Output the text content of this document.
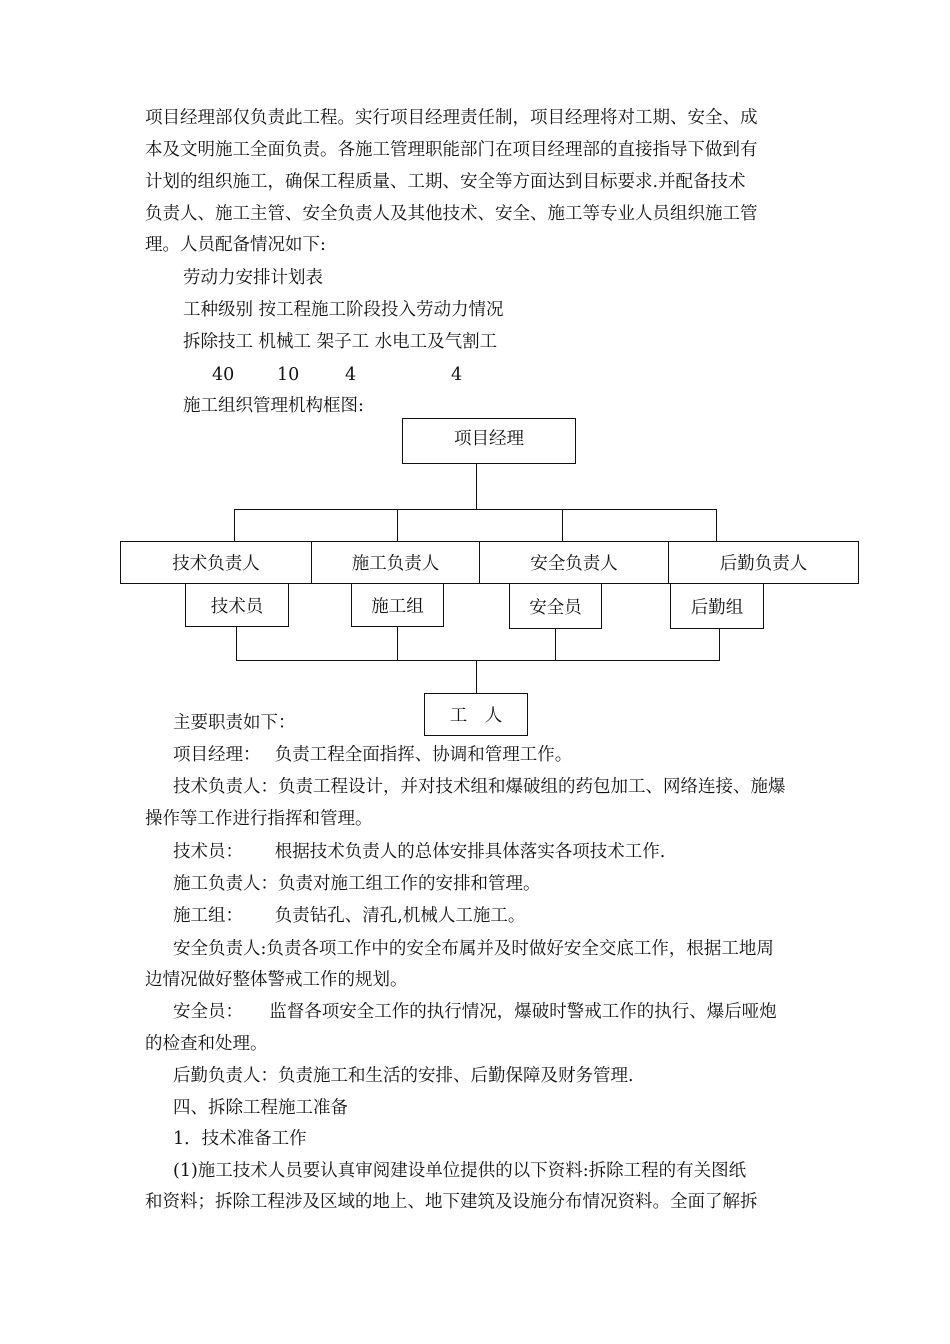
项目经理部仅负责此工程。实行项目经理责任制，项目经理将对工期、安全、成
本及文明施工全面负责。各施工管理职能部门在项目经理部的直接指导下做到有
计划的组织施工，确保工程质量、工期、安全等方面达到目标要求.并配备技术
负责人、施工主管、安全负责人及其他技术、安全、施工等专业人员组织施工管
理。人员配备情况如下:
劳动力安排计划表
工种级别 按工程施工阶段投入劳动力情况
拆除技工 机械工 架子工 水电工及气割工
40 10	4	4
施工组织管理机构框图:
项目经理
技术负责人	施工负责人	安全负责人	后勤负责人
技术员	施工组	安全员	后勤组
工　人
主要职责如下：
项目经理：　 负责工程全面指挥、协调和管理工作。
技术负责人：负责工程设计，并对技术组和爆破组的药包加工、网络连接、施爆
操作等工作进行指挥和管理。
技术员：　　 根据技术负责人的总体安排具体落实各项技术工作.
施工负责人：负责对施工组工作的安排和管理。
施工组：　　 负责钻孔、清孔,机械人工施工。
安全负责人:负责各项工作中的安全布属并及时做好安全交底工作，根据工地周
边情况做好整体警戒工作的规划。
安全员：　　监督各项安全工作的执行情况，爆破时警戒工作的执行、爆后哑炮
的检查和处理。
后勤负责人：负责施工和生活的安排、后勤保障及财务管理.
四、拆除工程施工准备
1．技术准备工作
(1)施工技术人员要认真审阅建设单位提供的以下资料:拆除工程的有关图纸
和资料；拆除工程涉及区域的地上、地下建筑及设施分布情况资料。全面了解拆
